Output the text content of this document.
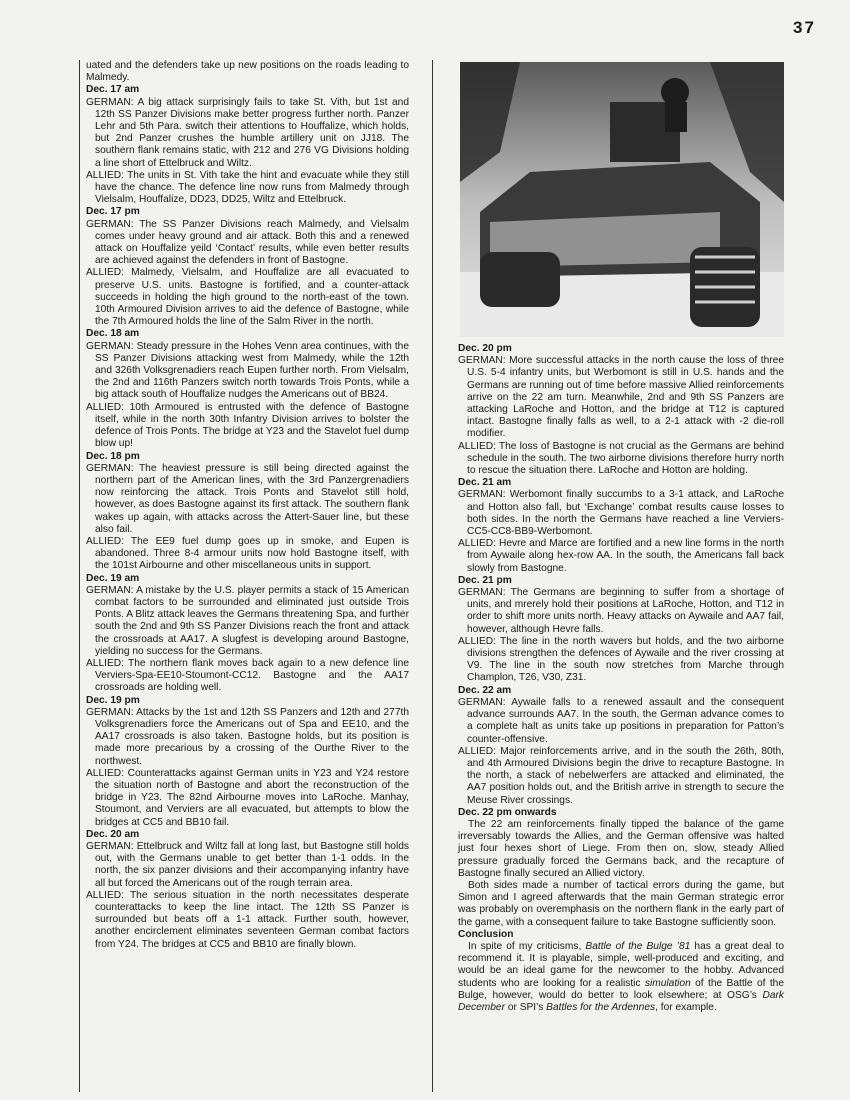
37

uated and the defenders take up new positions on the roads leading to Malmedy.

Dec. 17 am

GERMAN: A big attack surprisingly fails to take St. Vith, but 1st and 12th SS Panzer Divisions make better progress further north. Panzer Lehr and 5th Para. switch their attentions to Houffalize, which holds, but 2nd Panzer crushes the humble artillery unit on JJ18. The southern flank remains static, with 212 and 276 VG Divisions holding a line short of Ettelbruck and Wiltz.

ALLIED: The units in St. Vith take the hint and evacuate while they still have the chance. The defence line now runs from Malmedy through Vielsalm, Houffalize, DD23, DD25, Wiltz and Ettelbruck.

Dec. 17 pm

GERMAN: The SS Panzer Divisions reach Malmedy, and Vielsalm comes under heavy ground and air attack. Both this and a renewed attack on Houffalize yeild ‘Contact’ results, while even better results are achieved against the defenders in front of Bastogne.

ALLIED: Malmedy, Vielsalm, and Houffalize are all evacuated to preserve U.S. units. Bastogne is fortified, and a counter-attack succeeds in holding the high ground to the north-east of the town. 10th Armoured Division arrives to aid the defence of Bastogne, while the 7th Armoured holds the line of the Salm River in the north.

Dec. 18 am

GERMAN: Steady pressure in the Hohes Venn area continues, with the SS Panzer Divisions attacking west from Malmedy, while the 12th and 326th Volksgrenadiers reach Eupen further north. From Vielsalm, the 2nd and 116th Panzers switch north towards Trois Ponts, while a big attack south of Houffalize nudges the Americans out of BB24.

ALLIED: 10th Armoured is entrusted with the defence of Bastogne itself, while in the north 30th Infantry Division arrives to bolster the defence of Trois Ponts. The bridge at Y23 and the Stavelot fuel dump blow up!

Dec. 18 pm

GERMAN: The heaviest pressure is still being directed against the northern part of the American lines, with the 3rd Panzergrenadiers now reinforcing the attack. Trois Ponts and Stavelot still hold, however, as does Bastogne against its first attack. The southern flank wakes up again, with attacks across the Attert-Sauer line, but these also fail.

ALLIED: The EE9 fuel dump goes up in smoke, and Eupen is abandoned. Three 8-4 armour units now hold Bastogne itself, with the 101st Airbourne and other miscellaneous units in support.

Dec. 19 am

GERMAN: A mistake by the U.S. player permits a stack of 15 American combat factors to be surrounded and eliminated just outside Trois Ponts. A Blitz attack leaves the Germans threatening Spa, and further south the 2nd and 9th SS Panzer Divisions reach the front and attack the crossroads at AA17. A slugfest is developing around Bastogne, yielding no success for the Germans.

ALLIED: The northern flank moves back again to a new defence line Verviers-Spa-EE10-Stoumont-CC12. Bastogne and the AA17 crossroads are holding well.

Dec. 19 pm

GERMAN: Attacks by the 1st and 12th SS Panzers and 12th and 277th Volksgrenadiers force the Americans out of Spa and EE10, and the AA17 crossroads is also taken. Bastogne holds, but its position is made more precarious by a crossing of the Ourthe River to the northwest.

ALLIED: Counterattacks against German units in Y23 and Y24 restore the situation north of Bastogne and abort the reconstruction of the bridge in Y23. The 82nd Airbourne moves into LaRoche. Manhay, Stoumont, and Verviers are all evacuated, but attempts to blow the bridges at CC5 and BB10 fail.

Dec. 20 am

GERMAN: Ettelbruck and Wiltz fall at long last, but Bastogne still holds out, with the Germans unable to get better than 1-1 odds. In the north, the six panzer divisions and their accompanying infantry have all but forced the Americans out of the rough terrain area.

ALLIED: The serious situation in the north necessitates desperate counterattacks to keep the line intact. The 12th SS Panzer is surrounded but beats off a 1-1 attack. Further south, however, another encirclement eliminates seventeen German combat factors from Y24. The bridges at CC5 and BB10 are finally blown.

Dec. 20 pm

GERMAN: More successful attacks in the north cause the loss of three U.S. 5-4 infantry units, but Werbomont is still in U.S. hands and the Germans are running out of time before massive Allied reinforcements arrive on the 22 am turn. Meanwhile, 2nd and 9th SS Panzers are attacking LaRoche and Hotton, and the bridge at T12 is captured intact. Bastogne finally falls as well, to a 2-1 attack with -2 die-roll modifier.

ALLIED: The loss of Bastogne is not crucial as the Germans are behind schedule in the south. The two airborne divisions therefore hurry north to rescue the situation there. LaRoche and Hotton are holding.

Dec. 21 am

GERMAN: Werbomont finally succumbs to a 3-1 attack, and LaRoche and Hotton also fall, but ‘Exchange’ combat results cause losses to both sides. In the north the Germans have reached a line Verviers-CC5-CC8-BB9-Werbomont.

ALLIED: Hevre and Marce are fortified and a new line forms in the north from Aywaile along hex-row AA. In the south, the Americans fall back slowly from Bastogne.

Dec. 21 pm

GERMAN: The Germans are beginning to suffer from a shortage of units, and mrerely hold their positions at LaRoche, Hotton, and T12 in order to shift more units north. Heavy attacks on Aywaile and AA7 fail, however, although Hevre falls.

ALLIED: The line in the north wavers but holds, and the two airborne divisions strengthen the defences of Aywaile and the river crossing at V9. The line in the south now stretches from Marche through Champlon, T26, V30, Z31.

Dec. 22 am

GERMAN: Aywaile falls to a renewed assault and the consequent advance surrounds AA7. In the south, the German advance comes to a complete halt as units take up positions in preparation for Patton’s counter-offensive.

ALLIED: Major reinforcements arrive, and in the south the 26th, 80th, and 4th Armoured Divisions begin the drive to recapture Bastogne. In the north, a stack of nebelwerfers are attacked and eliminated, the AA7 position holds out, and the British arrive in strength to secure the Meuse River crossings.

Dec. 22 pm onwards

The 22 am reinforcements finally tipped the balance of the game irreversably towards the Allies, and the German offensive was halted just four hexes short of Liege. From then on, slow, steady Allied pressure gradually forced the Germans back, and the recapture of Bastogne finally secured an Allied victory.

Both sides made a number of tactical errors during the game, but Simon and I agreed afterwards that the main German strategic error was probably on overemphasis on the northern flank in the early part of the game, with a consequent failure to take Bastogne sufficiently soon.

Conclusion

In spite of my criticisms, Battle of the Bulge ’81 has a great deal to recommend it. It is playable, simple, well-produced and exciting, and would be an ideal game for the newcomer to the hobby. Advanced students who are looking for a realistic simulation of the Battle of the Bulge, however, would do better to look elsewhere; at OSG’s Dark December or SPI’s Battles for the Ardennes, for example.
